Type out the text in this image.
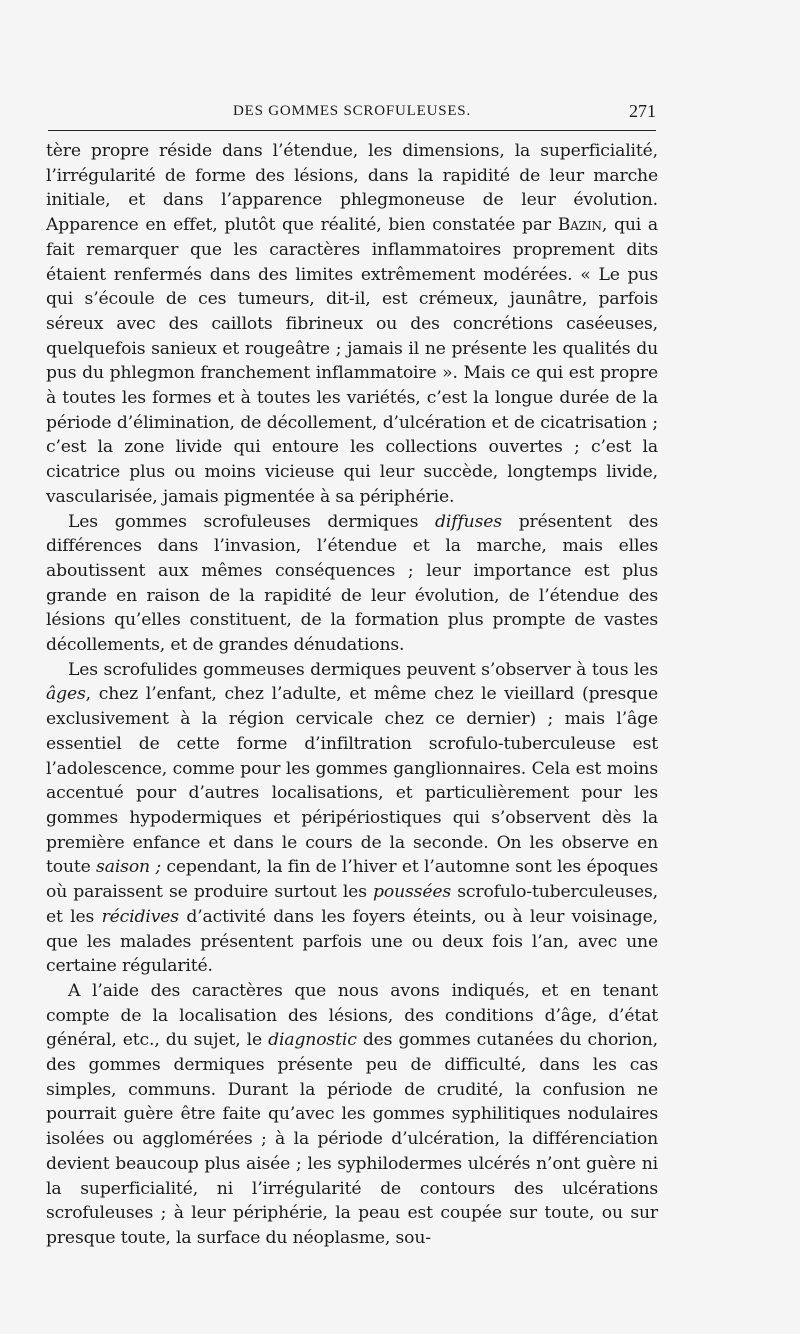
DES GOMMES SCROFULEUSES.	271

tère propre réside dans l’étendue, les dimensions, la superficialité, l’irrégularité de forme des lésions, dans la rapidité de leur marche initiale, et dans l’apparence phlegmoneuse de leur évolution. Apparence en effet, plutôt que réalité, bien constatée par Bazin, qui a fait remarquer que les caractères inflammatoires proprement dits étaient renfermés dans des limites extrêmement modérées. « Le pus qui s’écoule de ces tumeurs, dit-il, est crémeux, jaunâtre, parfois séreux avec des caillots fibrineux ou des concrétions caséeuses, quelquefois sanieux et rougeâtre ; jamais il ne présente les qualités du pus du phlegmon franchement inflammatoire ». Mais ce qui est propre à toutes les formes et à toutes les variétés, c’est la longue durée de la période d’élimination, de décollement, d’ulcération et de cicatrisation ; c’est la zone livide qui entoure les collections ouvertes ; c’est la cicatrice plus ou moins vicieuse qui leur succède, longtemps livide, vascularisée, jamais pigmentée à sa périphérie.

Les gommes scrofuleuses dermiques diffuses présentent des différences dans l’invasion, l’étendue et la marche, mais elles aboutissent aux mêmes conséquences ; leur importance est plus grande en raison de la rapidité de leur évolution, de l’étendue des lésions qu’elles constituent, de la formation plus prompte de vastes décollements, et de grandes dénudations.

Les scrofulides gommeuses dermiques peuvent s’observer à tous les âges, chez l’enfant, chez l’adulte, et même chez le vieillard (presque exclusivement à la région cervicale chez ce dernier) ; mais l’âge essentiel de cette forme d’infiltration scrofulo-tuberculeuse est l’adolescence, comme pour les gommes ganglionnaires. Cela est moins accentué pour d’autres localisations, et particulièrement pour les gommes hypodermiques et péripériostiques qui s’observent dès la première enfance et dans le cours de la seconde. On les observe en toute saison ; cependant, la fin de l’hiver et l’automne sont les époques où paraissent se produire surtout les poussées scrofulo-tuberculeuses, et les récidives d’activité dans les foyers éteints, ou à leur voisinage, que les malades présentent parfois une ou deux fois l’an, avec une certaine régularité.

A l’aide des caractères que nous avons indiqués, et en tenant compte de la localisation des lésions, des conditions d’âge, d’état général, etc., du sujet, le diagnostic des gommes cutanées du chorion, des gommes dermiques présente peu de difficulté, dans les cas simples, communs. Durant la période de crudité, la confusion ne pourrait guère être faite qu’avec les gommes syphilitiques nodulaires isolées ou agglomérées ; à la période d’ulcération, la différenciation devient beaucoup plus aisée ; les syphilodermes ulcérés n’ont guère ni la superficialité, ni l’irrégularité de contours des ulcérations scrofuleuses ; à leur périphérie, la peau est coupée sur toute, ou sur presque toute, la surface du néoplasme, sou-
